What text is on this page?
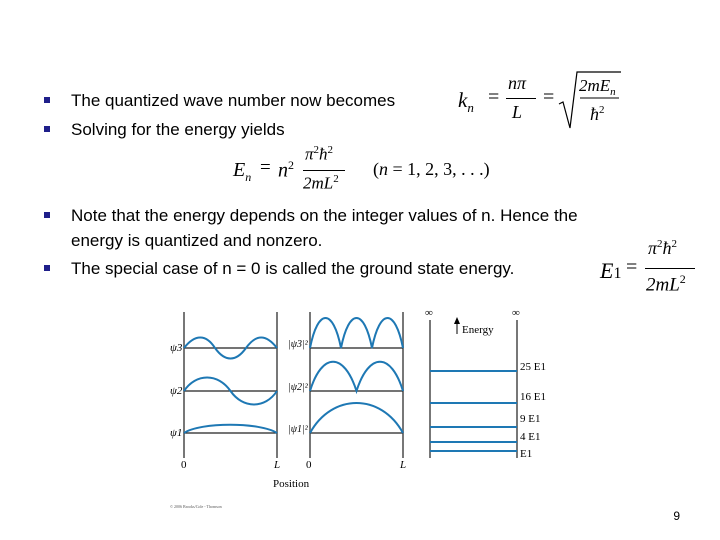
The quantized wave number now becomes
Solving for the energy yields
$k_n$ =
nπ
L
=
$2mE_n$
$ħ^2$
$E_n = n^2$
$\pi^2ħ^2$
$2mL^2$ (n = 1, 2, 3, . . .)
Note that the energy depends on the integer values of n. Hence the
energy is quantized and nonzero.
The special case of n = 0 is called the ground state energy.	E1 =
$\pi^2ħ^2$
$2mL^2$
ψ3
ψ2
ψ1
0	L
|ψ3|²
|ψ2|²
|ψ1|²
0	L
Position
∞	∞
Energy
25 E1
16 E1
9 E1
4 E1
E1
© 2006 Brooks/Cole - Thomson
9
